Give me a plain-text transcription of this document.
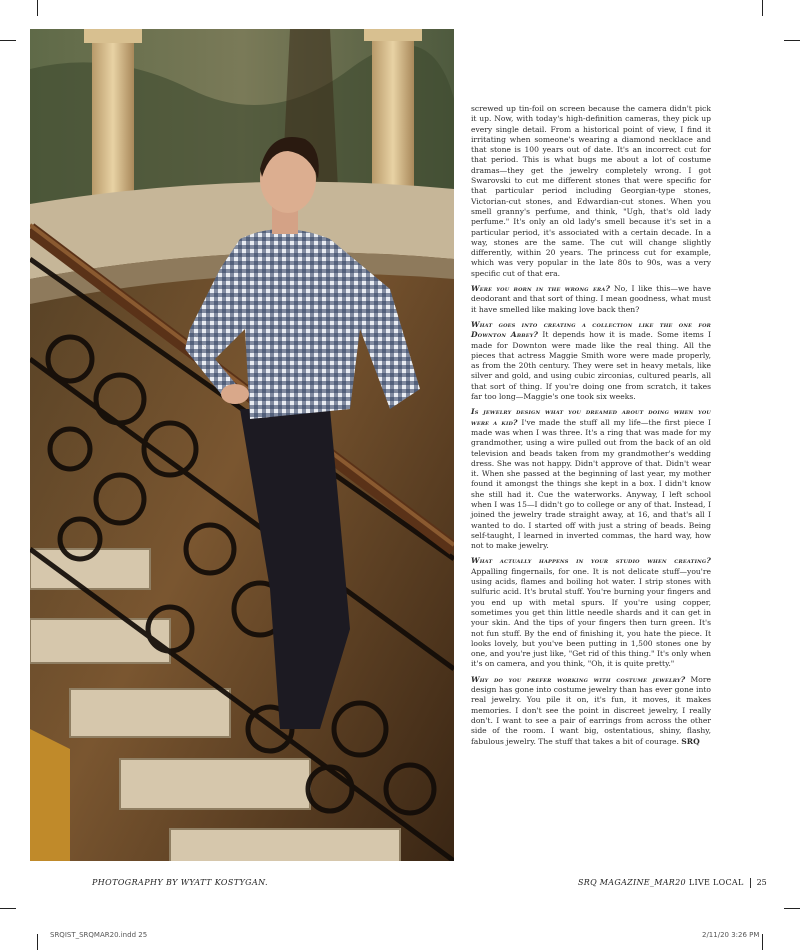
screwed up tin-foil on screen because the camera didn't pick it up. Now, with today's high-definition cameras, they pick up every single detail. From a historical point of view, I find it irritating when someone's wearing a diamond necklace and that stone is 100 years out of date. It's an incorrect cut for that period. This is what bugs me about a lot of costume dramas—they get the jewelry completely wrong. I got Swarovski to cut me different stones that were specific for that particular period including Georgian-type stones, Victorian-cut stones, and Edwardian-cut stones. When you smell granny's perfume, and think, "Ugh, that's old lady perfume." It's only an old lady's smell because it's set in a particular period, it's associated with a certain decade. In a way, stones are the same. The cut will change slightly differently, within 20 years. The princess cut for example, which was very popular in the late 80s to 90s, was a very specific cut of that era.

Were you born in the wrong era? No, I like this—we have deodorant and that sort of thing. I mean goodness, what must it have smelled like making love back then?

What goes into creating a collection like the one for Downton Abbey? It depends how it is made. Some items I made for Downton were made like the real thing. All the pieces that actress Maggie Smith wore were made properly, as from the 20th century. They were set in heavy metals, like silver and gold, and using cubic zirconias, cultured pearls, all that sort of thing. If you're doing one from scratch, it takes far too long—Maggie's one took six weeks.

Is jewelry design what you dreamed about doing when you were a kid? I've made the stuff all my life—the first piece I made was when I was three. It's a ring that was made for my grandmother, using a wire pulled out from the back of an old television and beads taken from my grandmother's wedding dress. She was not happy. Didn't approve of that. Didn't wear it. When she passed at the beginning of last year, my mother found it amongst the things she kept in a box. I didn't know she still had it. Cue the waterworks. Anyway, I left school when I was 15—I didn't go to college or any of that. Instead, I joined the jewelry trade straight away, at 16, and that's all I wanted to do. I started off with just a string of beads. Being self-taught, I learned in inverted commas, the hard way, how not to make jewelry.

What actually happens in your studio when creating? Appalling fingernails, for one. It is not delicate stuff—you're using acids, flames and boiling hot water. I strip stones with sulfuric acid. It's brutal stuff. You're burning your fingers and you end up with metal spurs. If you're using copper, sometimes you get thin little needle shards and it can get in your skin. And the tips of your fingers then turn green. It's not fun stuff. By the end of finishing it, you hate the piece. It looks lovely, but you've been putting in 1,500 stones one by one, and you're just like, "Get rid of this thing." It's only when it's on camera, and you think, "Oh, it is quite pretty."

Why do you prefer working with costume jewelry? More design has gone into costume jewelry than has ever gone into real jewelry. You pile it on, it's fun, it moves, it makes memories. I don't see the point in discreet jewelry, I really don't. I want to see a pair of earrings from across the other side of the room. I want big, ostentatious, shiny, flashy, fabulous jewelry. The stuff that takes a bit of courage. SRQ

PHOTOGRAPHY BY WYATT KOSTYGAN.	SRQ MAGAZINE_MAR20 LIVE LOCAL 25
SRQIST_SRQMAR20.indd 25	2/11/20 3:26 PM
